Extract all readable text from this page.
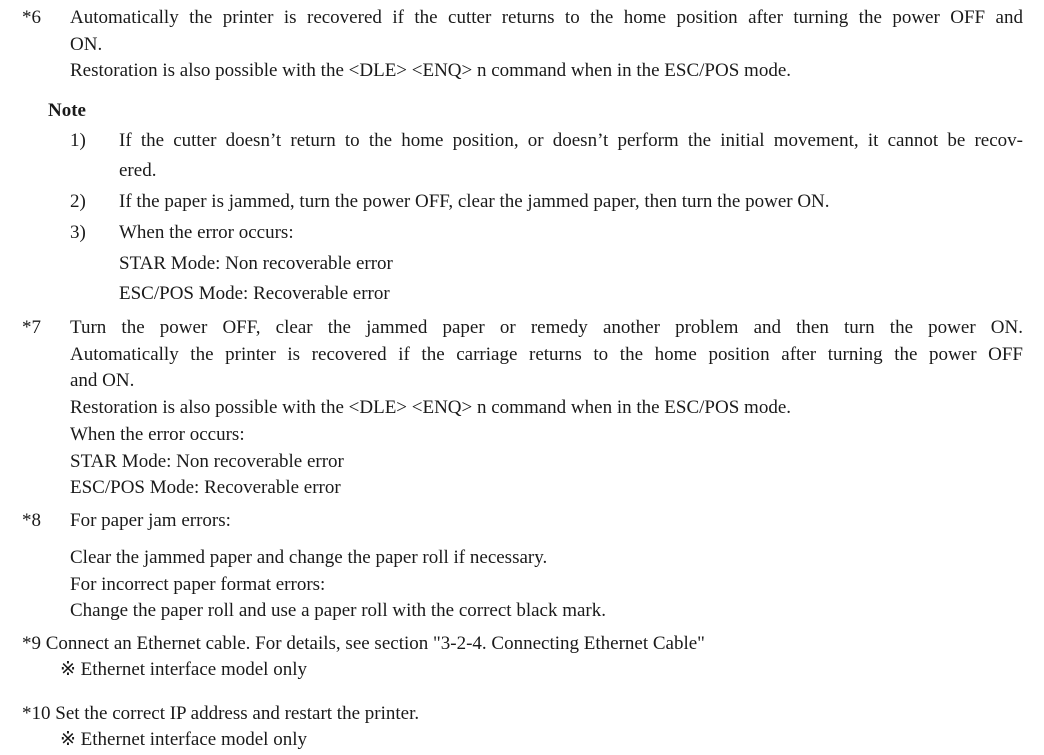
*6 Automatically the printer is recovered if the cutter returns to the home position after turning the power OFF and
ON.
Restoration is also possible with the <DLE> <ENQ> n command when in the ESC/POS mode.
Note
1) If the cutter doesn’t return to the home position, or doesn’t perform the initial movement, it cannot be recov-
ered.
2) If the paper is jammed, turn the power OFF, clear the jammed paper, then turn the power ON.
3) When the error occurs:
STAR Mode: Non recoverable error
ESC/POS Mode: Recoverable error
*7 Turn the power OFF, clear the jammed paper or remedy another problem and then turn the power ON.
Automatically the printer is recovered if the carriage returns to the home position after turning the power OFF
and ON.
Restoration is also possible with the <DLE> <ENQ> n command when in the ESC/POS mode.
When the error occurs:
STAR Mode: Non recoverable error
ESC/POS Mode: Recoverable error
*8 For paper jam errors:
Clear the jammed paper and change the paper roll if necessary.
For incorrect paper format errors:
Change the paper roll and use a paper roll with the correct black mark.
*9 Connect an Ethernet cable. For details, see section "3-2-4. Connecting Ethernet Cable"
※ Ethernet interface model only
*10 Set the correct IP address and restart the printer.
※ Ethernet interface model only
